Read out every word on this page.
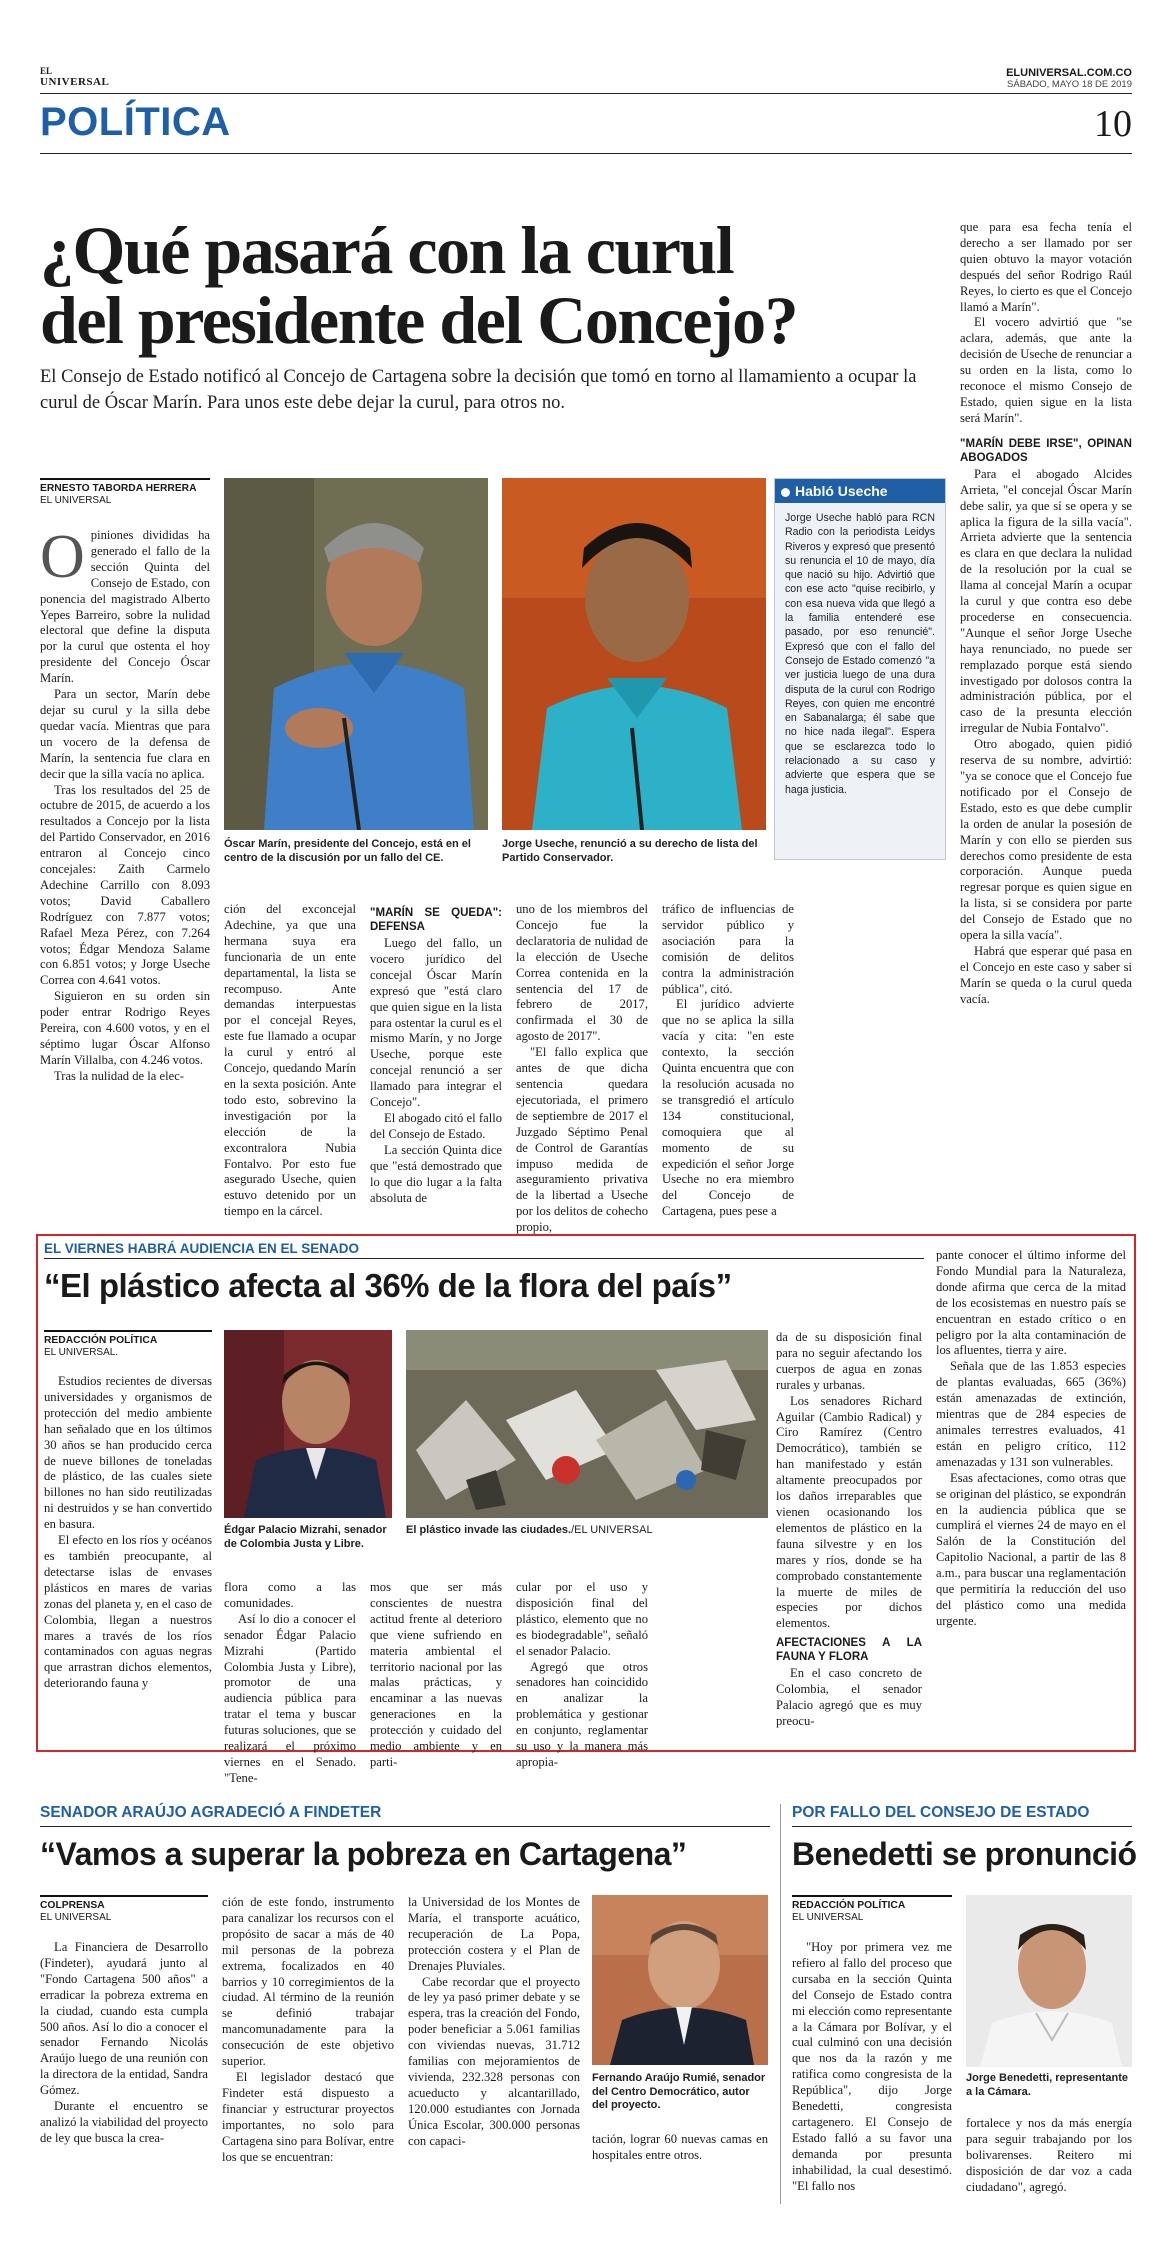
EL
UNIVERSAL
ELUNIVERSAL.COM.CO
SÁBADO, MAYO 18 DE 2019
POLÍTICA	10
¿Qué pasará con la curul
del presidente del Concejo?
El Consejo de Estado notificó al Concejo de Cartagena sobre la decisión que tomó en torno al llamamiento a ocupar la curul de Óscar Marín. Para unos este debe dejar la curul, para otros no.
ERNESTO TABORDA HERRERA
EL UNIVERSAL

Opiniones divididas ha generado el fallo de la sección Quinta del Consejo de Estado, con ponencia del magistrado Alberto Yepes Barreiro, sobre la nulidad electoral que define la disputa por la curul que ostenta el hoy presidente del Concejo Óscar Marín.

Para un sector, Marín debe dejar su curul y la silla debe quedar vacía. Mientras que para un vocero de la defensa de Marín, la sentencia fue clara en decir que la silla vacía no aplica.

Tras los resultados del 25 de octubre de 2015, de acuerdo a los resultados a Concejo por la lista del Partido Conservador, en 2016 entraron al Concejo cinco concejales: Zaith Carmelo Adechine Carrillo con 8.093 votos; David Caballero Rodríguez con 7.877 votos; Rafael Meza Pérez, con 7.264 votos; Édgar Mendoza Salame con 6.851 votos; y Jorge Useche Correa con 4.641 votos.

Siguieron en su orden sin poder entrar Rodrigo Reyes Pereira, con 4.600 votos, y en el séptimo lugar Óscar Alfonso Marín Villalba, con 4.246 votos.

Tras la nulidad de la elec-

Óscar Marín, presidente del Concejo, está en el centro de la discusión por un fallo del CE.
Jorge Useche, renunció a su derecho de lista del Partido Conservador.
Habló Useche
Jorge Useche habló para RCN Radio con la periodista Leidys Riveros y expresó que presentó su renuncia el 10 de mayo, día que nació su hijo. Advirtió que con ese acto "quise recibirlo, y con esa nueva vida que llegó a la familia entenderé ese pasado, por eso renuncié". Expresó que con el fallo del Consejo de Estado comenzó "a ver justicia luego de una dura disputa de la curul con Rodrigo Reyes, con quien me encontré en Sabanalarga; él sabe que no hice nada ilegal". Espera que se esclarezca todo lo relacionado a su caso y advierte que espera que se haga justicia.

ción del exconcejal Adechine, ya que una hermana suya era funcionaria de un ente departamental, la lista se recompuso. Ante demandas interpuestas por el concejal Reyes, este fue llamado a ocupar la curul y entró al Concejo, quedando Marín en la sexta posición. Ante todo esto, sobrevino la investigación por la elección de la excontralora Nubia Fontalvo. Por esto fue asegurado Useche, quien estuvo detenido por un tiempo en la cárcel.

"MARÍN SE QUEDA": DEFENSA

Luego del fallo, un vocero jurídico del concejal Óscar Marín expresó que "está claro que quien sigue en la lista para ostentar la curul es el mismo Marín, y no Jorge Useche, porque este concejal renunció a ser llamado para integrar el Concejo".

El abogado citó el fallo del Consejo de Estado.

La sección Quinta dice que "está demostrado que lo que dio lugar a la falta absoluta de

uno de los miembros del Concejo fue la declaratoria de nulidad de la elección de Useche Correa contenida en la sentencia del 17 de febrero de 2017, confirmada el 30 de agosto de 2017".

"El fallo explica que antes de que dicha sentencia quedara ejecutoriada, el primero de septiembre de 2017 el Juzgado Séptimo Penal de Control de Garantías impuso medida de aseguramiento privativa de la libertad a Useche por los delitos de cohecho propio,

tráfico de influencias de servidor público y asociación para la comisión de delitos contra la administración pública", citó.

El jurídico advierte que no se aplica la silla vacía y cita: "en este contexto, la sección Quinta encuentra que con la resolución acusada no se transgredió el artículo 134 constitucional, comoquiera que al momento de su expedición el señor Jorge Useche no era miembro del Concejo de Cartagena, pues pese a

que para esa fecha tenía el derecho a ser llamado por ser quien obtuvo la mayor votación después del señor Rodrigo Raúl Reyes, lo cierto es que el Concejo llamó a Marín".

El vocero advirtió que "se aclara, además, que ante la decisión de Useche de renunciar a su orden en la lista, como lo reconoce el mismo Consejo de Estado, quien sigue en la lista será Marín".

"MARÍN DEBE IRSE", OPINAN ABOGADOS

Para el abogado Alcides Arrieta, "el concejal Óscar Marín debe salir, ya que sí se opera y se aplica la figura de la silla vacía". Arrieta advierte que la sentencia es clara en que declara la nulidad de la resolución por la cual se llama al concejal Marín a ocupar la curul y que contra eso debe procederse en consecuencia. "Aunque el señor Jorge Useche haya renunciado, no puede ser remplazado porque está siendo investigado por dolosos contra la administración pública, por el caso de la presunta elección irregular de Nubia Fontalvo".

Otro abogado, quien pidió reserva de su nombre, advirtió: "ya se conoce que el Concejo fue notificado por el Consejo de Estado, esto es que debe cumplir la orden de anular la posesión de Marín y con ello se pierden sus derechos como presidente de esta corporación. Aunque pueda regresar porque es quien sigue en la lista, si se considera por parte del Consejo de Estado que no opera la silla vacía".

Habrá que esperar qué pasa en el Concejo en este caso y saber si Marín se queda o la curul queda vacía.

EL VIERNES HABRÁ AUDIENCIA EN EL SENADO
“El plástico afecta al 36% de la flora del país”
REDACCIÓN POLÍTICA
EL UNIVERSAL.

Estudios recientes de diversas universidades y organismos de protección del medio ambiente han señalado que en los últimos 30 años se han producido cerca de nueve billones de toneladas de plástico, de las cuales siete billones no han sido reutilizadas ni destruidos y se han convertido en basura.

El efecto en los ríos y océanos es también preocupante, al detectarse islas de envases plásticos en mares de varias zonas del planeta y, en el caso de Colombia, llegan a nuestros mares a través de los ríos contaminados con aguas negras que arrastran dichos elementos, deteriorando fauna y

Édgar Palacio Mizrahi, senador de Colombia Justa y Libre.
El plástico invade las ciudades./EL UNIVERSAL

flora como a las comunidades.

Así lo dio a conocer el senador Édgar Palacio Mizrahi (Partido Colombia Justa y Libre), promotor de una audiencia pública para tratar el tema y buscar futuras soluciones, que se realizará el próximo viernes en el Senado. "Tene-

mos que ser más conscientes de nuestra actitud frente al deterioro que viene sufriendo en materia ambiental el territorio nacional por las malas prácticas, y encaminar a las nuevas generaciones en la protección y cuidado del medio ambiente y en parti-

cular por el uso y disposición final del plástico, elemento que no es biodegradable", señaló el senador Palacio.

Agregó que otros senadores han coincidido en analizar la problemática y gestionar en conjunto, reglamentar su uso y la manera más apropia-

da de su disposición final para no seguir afectando los cuerpos de agua en zonas rurales y urbanas.

Los senadores Richard Aguilar (Cambio Radical) y Ciro Ramírez (Centro Democrático), también se han manifestado y están altamente preocupados por los daños irreparables que vienen ocasionando los elementos de plástico en la fauna silvestre y en los mares y ríos, donde se ha comprobado constantemente la muerte de miles de especies por dichos elementos.

AFECTACIONES A LA FAUNA Y FLORA

En el caso concreto de Colombia, el senador Palacio agregó que es muy preocu-

pante conocer el último informe del Fondo Mundial para la Naturaleza, donde afirma que cerca de la mitad de los ecosistemas en nuestro país se encuentran en estado crítico o en peligro por la alta contaminación de los afluentes, tierra y aire.

Señala que de las 1.853 especies de plantas evaluadas, 665 (36%) están amenazadas de extinción, mientras que de 284 especies de animales terrestres evaluados, 41 están en peligro crítico, 112 amenazadas y 131 son vulnerables.

Esas afectaciones, como otras que se originan del plástico, se expondrán en la audiencia pública que se cumplirá el viernes 24 de mayo en el Salón de la Constitución del Capitolio Nacional, a partir de las 8 a.m., para buscar una reglamentación que permitiría la reducción del uso del plástico como una medida urgente.

SENADOR ARAÚJO AGRADECIÓ A FINDETER
“Vamos a superar la pobreza en Cartagena”
COLPRENSA
EL UNIVERSAL

La Financiera de Desarrollo (Findeter), ayudará junto al "Fondo Cartagena 500 años" a erradicar la pobreza extrema en la ciudad, cuando esta cumpla 500 años. Así lo dio a conocer el senador Fernando Nicolás Araújo luego de una reunión con la directora de la entidad, Sandra Gómez.

Durante el encuentro se analizó la viabilidad del proyecto de ley que busca la crea-

ción de este fondo, instrumento para canalizar los recursos con el propósito de sacar a más de 40 mil personas de la pobreza extrema, focalizados en 40 barrios y 10 corregimientos de la ciudad. Al término de la reunión se definió trabajar mancomunadamente para la consecución de este objetivo superior.

El legislador destacó que Findeter está dispuesto a financiar y estructurar proyectos importantes, no solo para Cartagena sino para Bolívar, entre los que se encuentran:

la Universidad de los Montes de María, el transporte acuático, recuperación de La Popa, protección costera y el Plan de Drenajes Pluviales.

Cabe recordar que el proyecto de ley ya pasó primer debate y se espera, tras la creación del Fondo, poder beneficiar a 5.061 familias con viviendas nuevas, 31.712 familias con mejoramientos de vivienda, 232.328 personas con acueducto y alcantarillado, 120.000 estudiantes con Jornada Única Escolar, 300.000 personas con capaci-

Fernando Araújo Rumié, senador del Centro Democrático, autor del proyecto.

tación, lograr 60 nuevas camas en hospitales entre otros.

POR FALLO DEL CONSEJO DE ESTADO
Benedetti se pronunció
REDACCIÓN POLÍTICA
EL UNIVERSAL

"Hoy por primera vez me refiero al fallo del proceso que cursaba en la sección Quinta del Consejo de Estado contra mi elección como representante a la Cámara por Bolívar, y el cual culminó con una decisión que nos da la razón y me ratifica como congresista de la República", dijo Jorge Benedetti, congresista cartagenero. El Consejo de Estado falló a su favor una demanda por presunta inhabilidad, la cual desestimó. "El fallo nos

Jorge Benedetti, representante a la Cámara.

fortalece y nos da más energía para seguir trabajando por los bolivarenses. Reitero mi disposición de dar voz a cada ciudadano", agregó.
